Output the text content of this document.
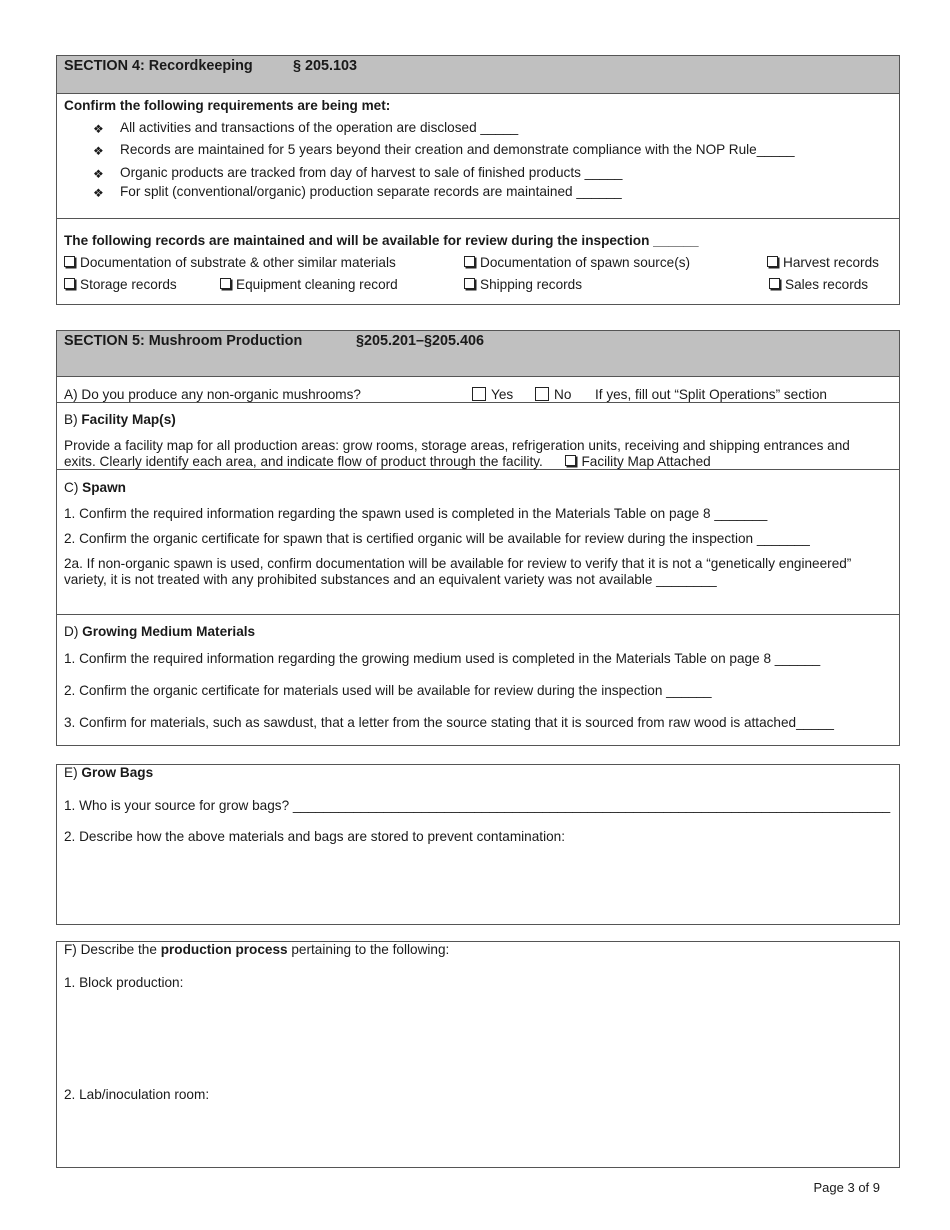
SECTION 4: Recordkeeping	§ 205.103
Confirm the following requirements are being met:
❖ All activities and transactions of the operation are disclosed _____
❖ Records are maintained for 5 years beyond their creation and demonstrate compliance with the NOP Rule_____
❖ Organic products are tracked from day of harvest to sale of finished products _____
❖ For split (conventional/organic) production separate records are maintained ______
The following records are maintained and will be available for review during the inspection ______
Documentation of substrate & other similar materials	Documentation of spawn source(s)	Harvest records
Storage records	Equipment cleaning record	Shipping records	Sales records
SECTION 5: Mushroom Production	§205.201–§205.406
A) Do you produce any non-organic mushrooms?	Yes	No If yes, fill out “Split Operations” section
B) Facility Map(s)
Provide a facility map for all production areas: grow rooms, storage areas, refrigeration units, receiving and shipping entrances and exits. Clearly identify each area, and indicate flow of product through the facility.	Facility Map Attached
C) Spawn
1. Confirm the required information regarding the spawn used is completed in the Materials Table on page 8 _______
2. Confirm the organic certificate for spawn that is certified organic will be available for review during the inspection _______
2a. If non-organic spawn is used, confirm documentation will be available for review to verify that it is not a “genetically engineered” variety, it is not treated with any prohibited substances and an equivalent variety was not available ________
D) Growing Medium Materials
1. Confirm the required information regarding the growing medium used is completed in the Materials Table on page 8 ______
2. Confirm the organic certificate for materials used will be available for review during the inspection ______
3. Confirm for materials, such as sawdust, that a letter from the source stating that it is sourced from raw wood is attached_____
E) Grow Bags
1. Who is your source for grow bags? _______________________________________________________________________________
2. Describe how the above materials and bags are stored to prevent contamination:
F) Describe the production process pertaining to the following:
1. Block production:
2. Lab/inoculation room:
Page 3 of 9
